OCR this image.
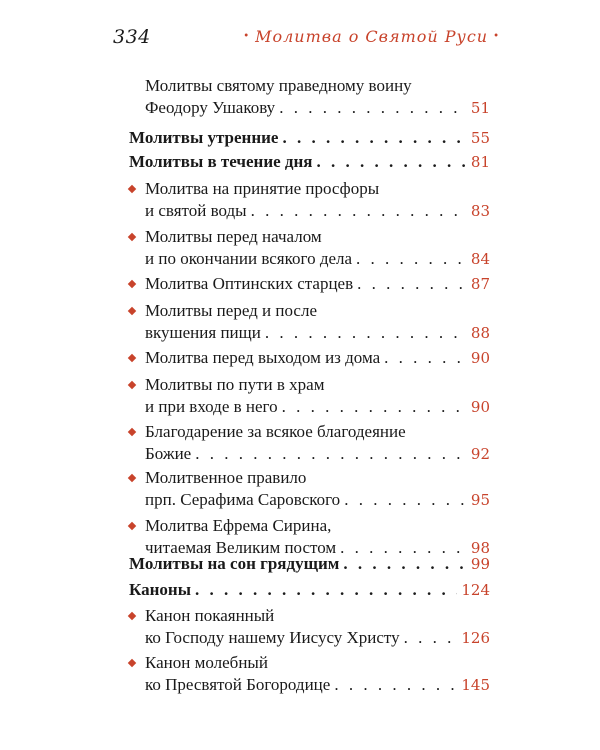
334	• Молитва о Святой Руси •
Молитвы святому праведному воину
Феодору Ушакову . . .	51
Молитвы утренние . . .	55
Молитвы в течение дня . . .	81
Молитва на принятие просфоры
и святой воды . . .	83
Молитвы перед началом
и по окончании всякого дела . . .	84
Молитва Оптинских старцев . . .	87
Молитвы перед и после
вкушения пищи . . .	88
Молитва перед выходом из дома . . .	90
Молитвы по пути в храм
и при входе в него . . .	90
Благодарение за всякое благодеяние
Божие . . .	92
Молитвенное правило
прп. Серафима Саровского . . .	95
Молитва Ефрема Сирина,
читаемая Великим постом . . .	98
Молитвы на сон грядущим . . .	99
Каноны . . .	124
Канон покаянный
ко Господу нашему Иисусу Христу . . .	126
Канон молебный
ко Пресвятой Богородице . . .	145
